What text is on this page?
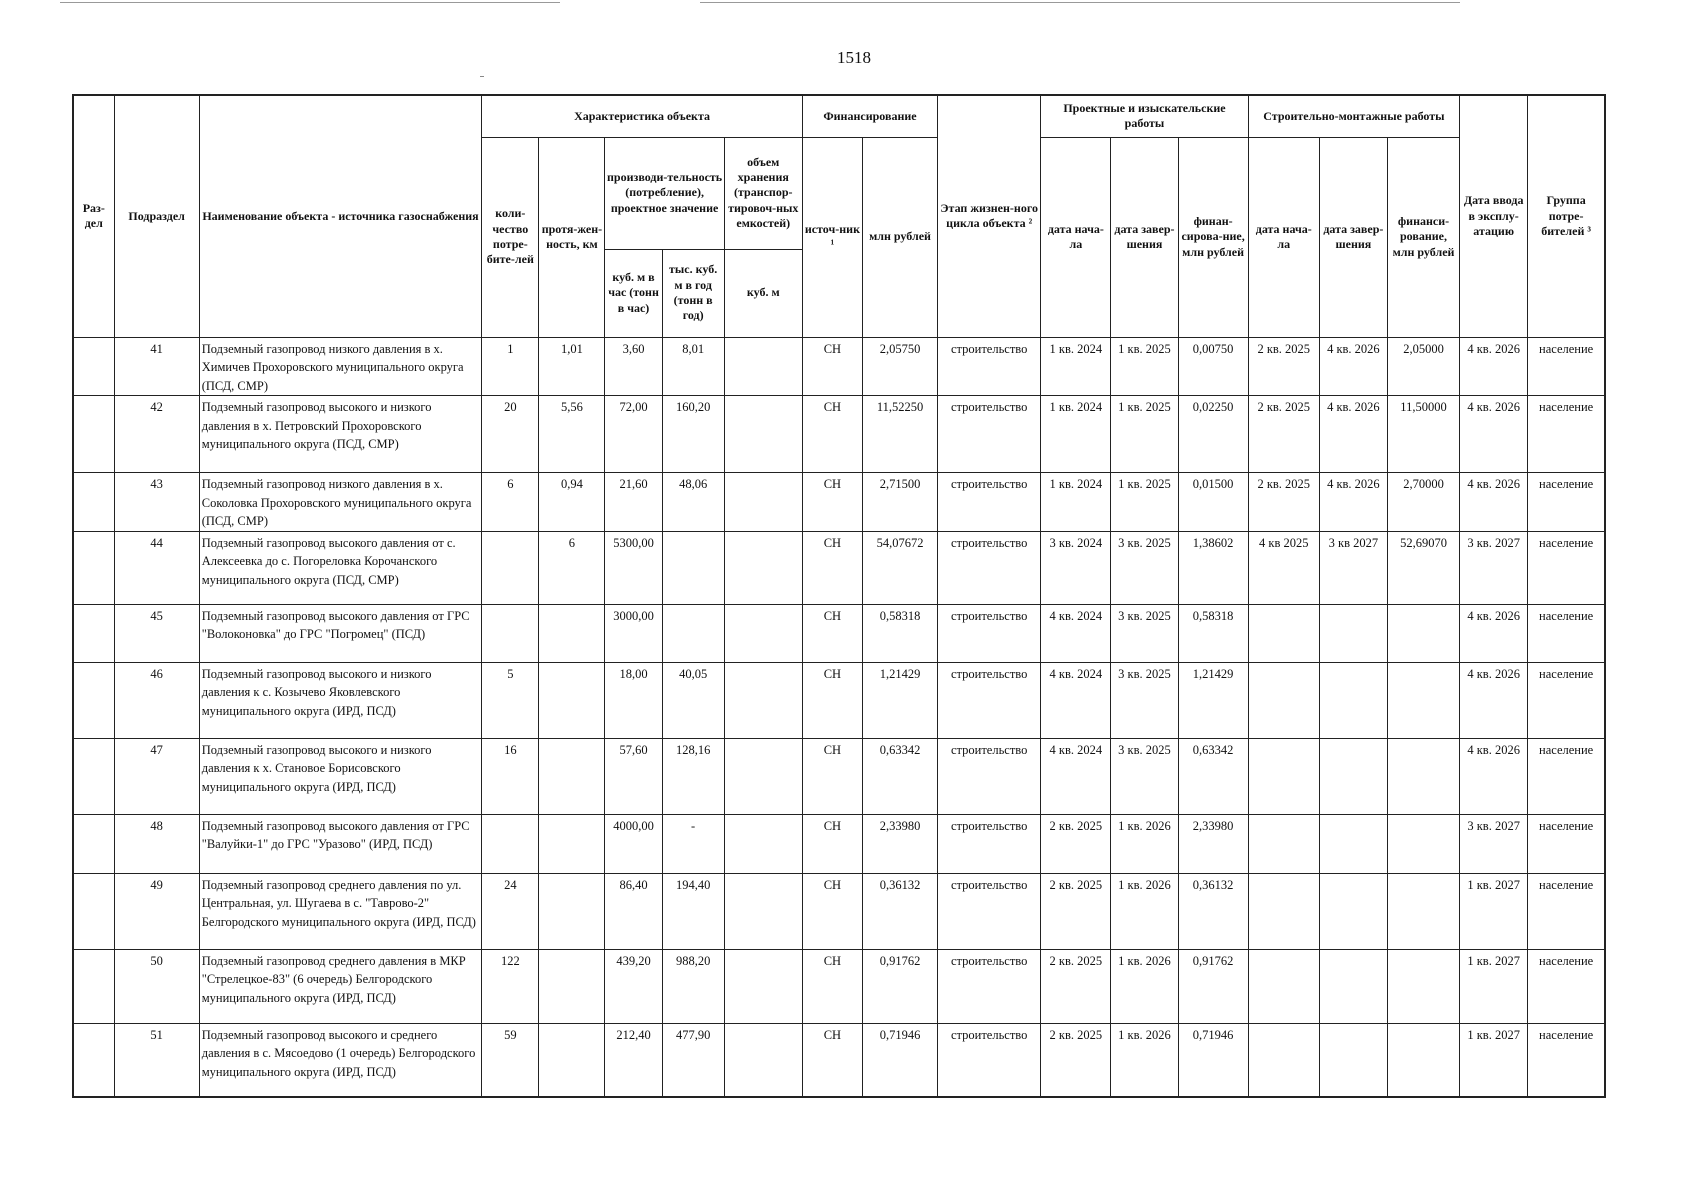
1518
Раз-дел	Подраздел	Наименование объекта - источника газоснабжения	Характеристика объекта					Финансирование		Этап жизнен-ного цикла объекта ²	Проектные и изыскательские работы			Строительно-монтажные работы			Дата ввода в эксплу-атацию	Группа потре-бителей ³
			коли-чество потре-бите-лей	протя-жен-ность, км	производи-тельность (потребление), проектное значение		объем хранения (транспор-тировоч-ных емкостей)	источ-ник ¹	млн рублей		дата нача-ла	дата завер-шения	финан-сирова-ние, млн рублей	дата нача-ла	дата завер-шения	финанси-рование, млн рублей		
					куб. м в час (тонн в час)	тыс. куб. м в год (тонн в год)	куб. м											
	41	Подземный газопровод низкого давления в х. Химичев Прохоровского муниципального округа (ПСД, СМР)	1	1,01	3,60	8,01		СН	2,05750	строительство	1 кв. 2024	1 кв. 2025	0,00750	2 кв. 2025	4 кв. 2026	2,05000	4 кв. 2026	население
	42	Подземный газопровод высокого и низкого давления в х. Петровский Прохоровского муниципального округа (ПСД, СМР)	20	5,56	72,00	160,20		СН	11,52250	строительство	1 кв. 2024	1 кв. 2025	0,02250	2 кв. 2025	4 кв. 2026	11,50000	4 кв. 2026	население
	43	Подземный газопровод низкого давления в х. Соколовка Прохоровского муниципального округа (ПСД, СМР)	6	0,94	21,60	48,06		СН	2,71500	строительство	1 кв. 2024	1 кв. 2025	0,01500	2 кв. 2025	4 кв. 2026	2,70000	4 кв. 2026	население
	44	Подземный газопровод высокого давления от с. Алексеевка до с. Погореловка Корочанского муниципального округа (ПСД, СМР)		6	5300,00			СН	54,07672	строительство	3 кв. 2024	3 кв. 2025	1,38602	4 кв 2025	3 кв 2027	52,69070	3 кв. 2027	население
	45	Подземный газопровод высокого давления от ГРС "Волоконовка" до ГРС "Погромец" (ПСД)			3000,00			СН	0,58318	строительство	4 кв. 2024	3 кв. 2025	0,58318				4 кв. 2026	население
	46	Подземный газопровод высокого и низкого давления к с. Козычево Яковлевского муниципального округа (ИРД, ПСД)	5		18,00	40,05		СН	1,21429	строительство	4 кв. 2024	3 кв. 2025	1,21429				4 кв. 2026	население
	47	Подземный газопровод высокого и низкого давления к х. Становое Борисовского муниципального округа (ИРД, ПСД)	16		57,60	128,16		СН	0,63342	строительство	4 кв. 2024	3 кв. 2025	0,63342				4 кв. 2026	население
	48	Подземный газопровод высокого давления от ГРС "Валуйки-1" до ГРС "Уразово" (ИРД, ПСД)			4000,00	-		СН	2,33980	строительство	2 кв. 2025	1 кв. 2026	2,33980				3 кв. 2027	население
	49	Подземный газопровод среднего давления по ул. Центральная, ул. Шугаева в с. "Таврово-2" Белгородского муниципального округа (ИРД, ПСД)	24		86,40	194,40		СН	0,36132	строительство	2 кв. 2025	1 кв. 2026	0,36132				1 кв. 2027	население
	50	Подземный газопровод среднего давления в МКР "Стрелецкое-83" (6 очередь) Белгородского муниципального округа (ИРД, ПСД)	122		439,20	988,20		СН	0,91762	строительство	2 кв. 2025	1 кв. 2026	0,91762				1 кв. 2027	население
	51	Подземный газопровод высокого и среднего давления в с. Мясоедово (1 очередь) Белгородского муниципального округа (ИРД, ПСД)	59		212,40	477,90		СН	0,71946	строительство	2 кв. 2025	1 кв. 2026	0,71946				1 кв. 2027	население
